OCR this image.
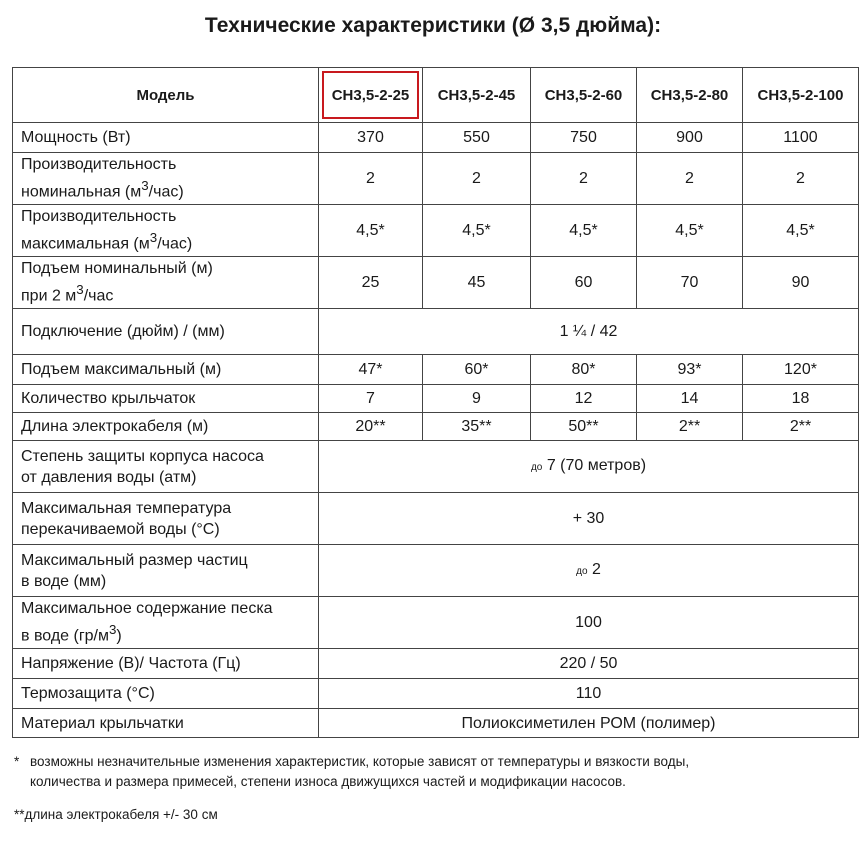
Технические характеристики (Ø 3,5 дюйма):
Модель	СН3,5-2-25	СН3,5-2-45	СН3,5-2-60	СН3,5-2-80	СН3,5-2-100
Мощность (Вт)	370	550	750	900	1100
Производительность
номинальная $(м^3/час)$	2	2	2	2	2
Производительность
максимальная $(м^3/час)$	4,5*	4,5*	4,5*	4,5*	4,5*
Подъем номинальный (м)
при 2 $м^3$/час	25	45	60	70	90
Подключение (дюйм) / (мм)	1 ¼ / 42				
Подъем максимальный (м)	47*	60*	80*	93*	120*
Количество крыльчаток	7	9	12	14	18
Длина электрокабеля (м)	20**	35**	50**	2**	2**
Степень защиты корпуса насоса
от давления воды (атм)	до 7 (70 метров)				
Максимальная температура
перекачиваемой воды (°С)	+ 30				
Максимальный размер частиц
в воде (мм)	до 2				
Максимальное содержание песка
в воде $(гр/м^3)$	100				
Напряжение (В)/ Частота (Гц)	220 / 50				
Термозащита (°С)	110				
Материал крыльчатки	Полиоксиметилен РОМ (полимер)				
* возможны незначительные изменения характеристик, которые зависят от температуры и вязкости воды,
количества и размера примесей, степени износа движущихся частей и модификации насосов.
**длина электрокабеля +/- 30 см
